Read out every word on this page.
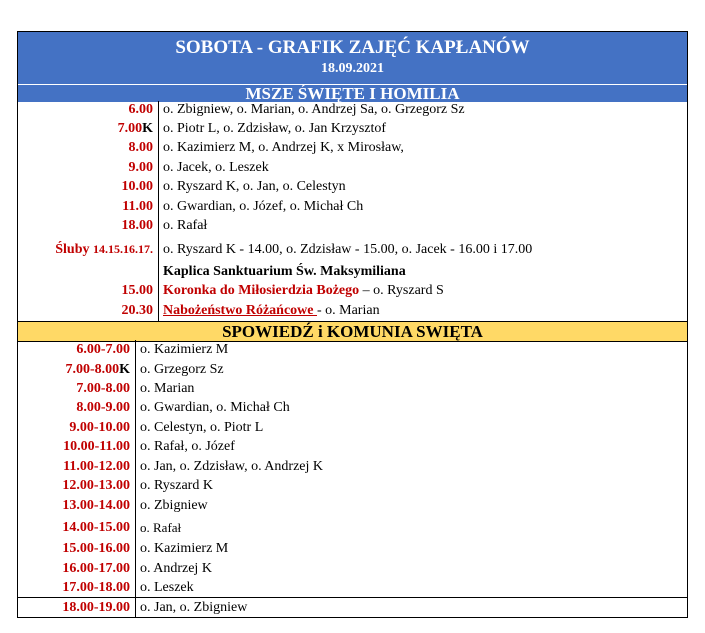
SOBOTA - GRAFIK ZAJĘĆ KAPŁANÓW
18.09.2021
MSZE ŚWIĘTE I HOMILIA
6.00 o. Zbigniew, o. Marian, o. Andrzej Sa, o. Grzegorz Sz
7.00K o. Piotr L, o. Zdzisław, o. Jan Krzysztof
8.00 o. Kazimierz M, o. Andrzej K, x Mirosław,
9.00 o. Jacek, o. Leszek
10.00 o. Ryszard K, o. Jan, o. Celestyn
11.00 o. Gwardian, o. Józef, o. Michał Ch
18.00 o. Rafał
Śluby 14.15.16.17. o. Ryszard K - 14.00, o. Zdzisław - 15.00, o. Jacek - 16.00 i 17.00
Kaplica Sanktuarium Św. Maksymiliana
15.00 Koronka do Miłosierdzia Bożego – o. Ryszard S
20.30 Nabożeństwo Różańcowe - o. Marian
SPOWIEDŹ i KOMUNIA SWIĘTA
6.00-7.00 o. Kazimierz M
7.00-8.00K o. Grzegorz Sz
7.00-8.00 o. Marian
8.00-9.00 o. Gwardian, o. Michał Ch
9.00-10.00 o. Celestyn, o. Piotr L
10.00-11.00 o. Rafał, o. Józef
11.00-12.00 o. Jan, o. Zdzisław, o. Andrzej K
12.00-13.00 o. Ryszard K
13.00-14.00 o. Zbigniew
14.00-15.00 o. Rafał
15.00-16.00 o. Kazimierz M
16.00-17.00 o. Andrzej K
17.00-18.00 o. Leszek
18.00-19.00 o. Jan, o. Zbigniew
